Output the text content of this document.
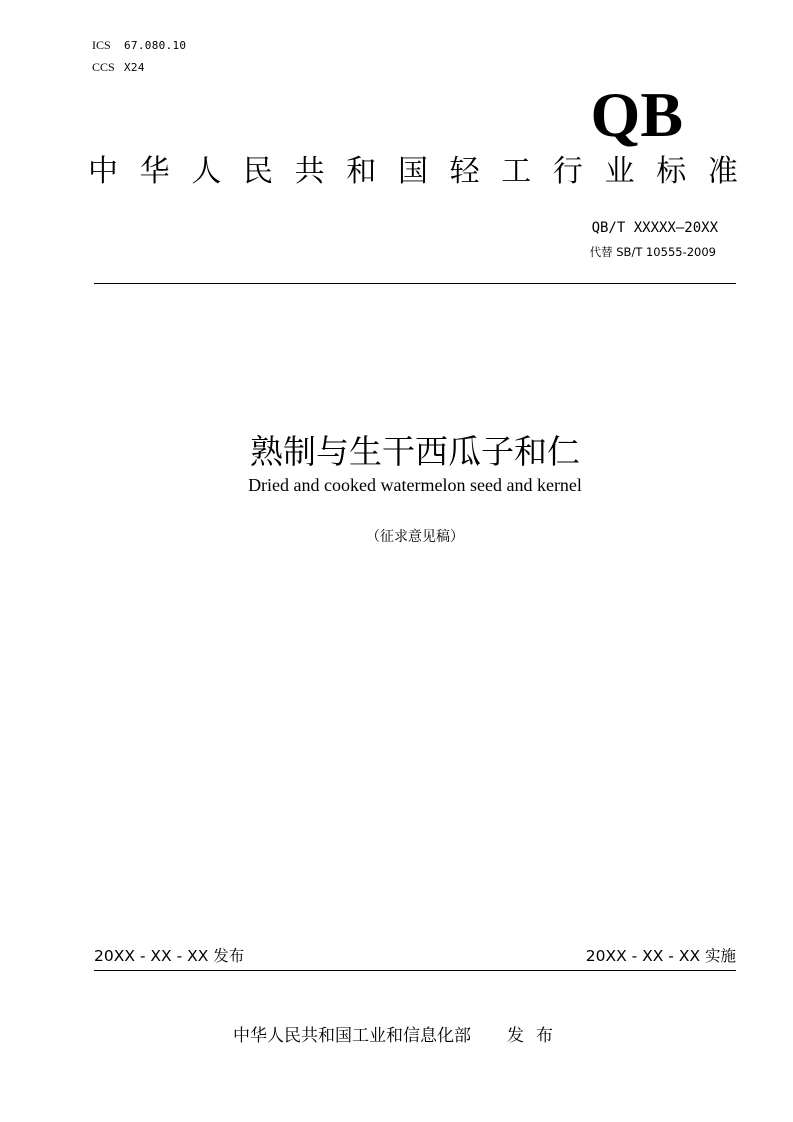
ICS 67.080.10
CCS X24
QB
中 华 人 民 共 和 国 轻 工 行 业 标 准
QB/T XXXXX—20XX
代替 SB/T 10555-2009
熟制与生干西瓜子和仁
Dried and cooked watermelon seed and kernel
（征求意见稿）
20XX - XX - XX 发布	20XX - XX - XX 实施
中华人民共和国工业和信息化部 发布
